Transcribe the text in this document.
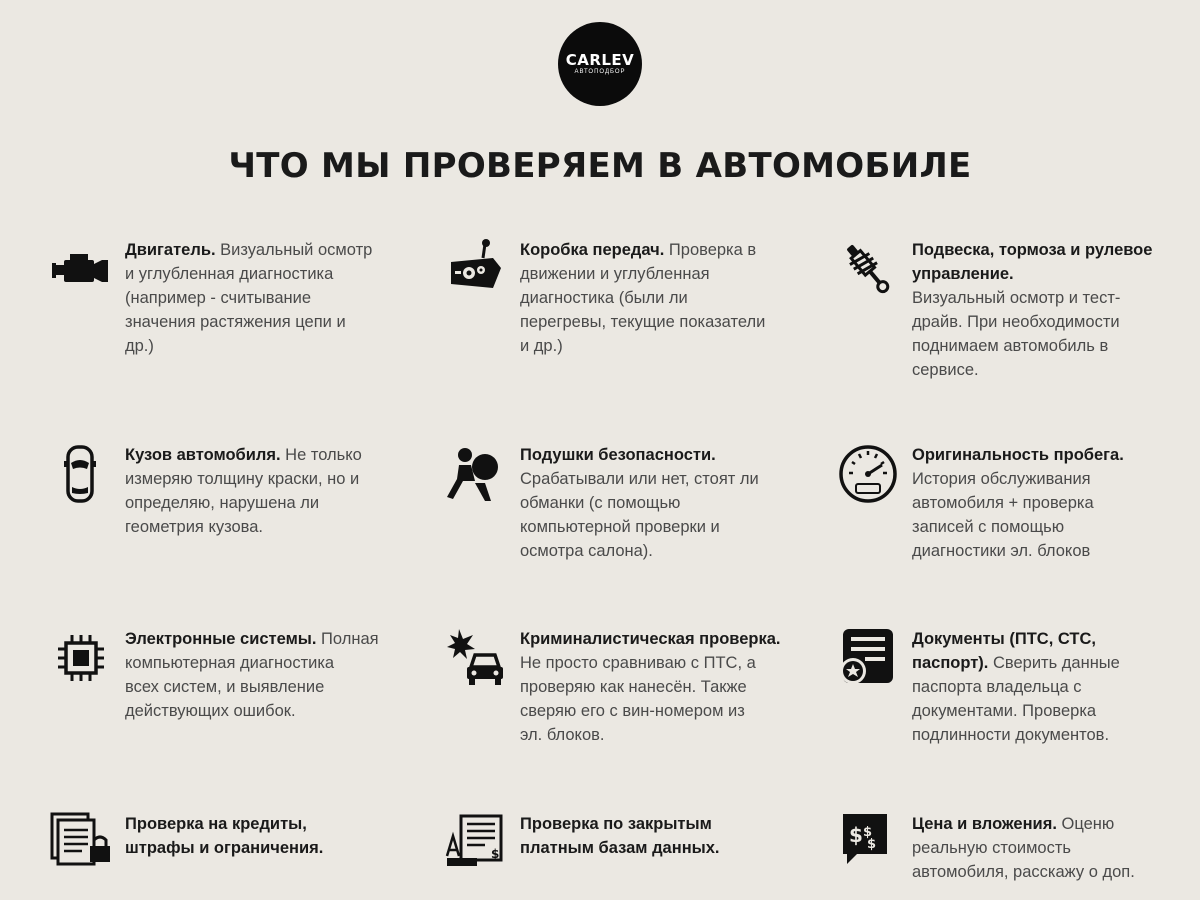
CARLEV
АВТОПОДБОР
ЧТО МЫ ПРОВЕРЯЕМ В АВТОМОБИЛЕ

Двигатель. Визуальный осмотр
и углубленная диагностика
(например - считывание
значения растяжения цепи и
др.)

Коробка передач. Проверка в
движении и углубленная
диагностика (были ли
перегревы, текущие показатели
и др.)

Подвеска, тормоза и рулевое
управление.
Визуальный осмотр и тест-
драйв. При необходимости
поднимаем автомобиль в
сервисе.

Кузов автомобиля. Не только
измеряю толщину краски, но и
определяю, нарушена ли
геометрия кузова.

Подушки безопасности.
Срабатывали или нет, стоят ли
обманки (с помощью
компьютерной проверки и
осмотра салона).

Оригинальность пробега.
История обслуживания
автомобиля + проверка
записей с помощью
диагностики эл. блоков

Электронные системы. Полная
компьютерная диагностика
всех систем, и выявление
действующих ошибок.

Криминалистическая проверка.
Не просто сравниваю с ПТС, а
проверяю как нанесён. Также
сверяю его с вин-номером из
эл. блоков.

Документы (ПТС, СТС,
паспорт). Сверить данные
паспорта владельца с
документами. Проверка
подлинности документов.

Проверка на кредиты,
штрафы и ограничения.	$

Проверка по закрытым
платным базам данных.

$ $
$

Цена и вложения. Оценю
реальную стоимость
автомобиля, расскажу о доп.
